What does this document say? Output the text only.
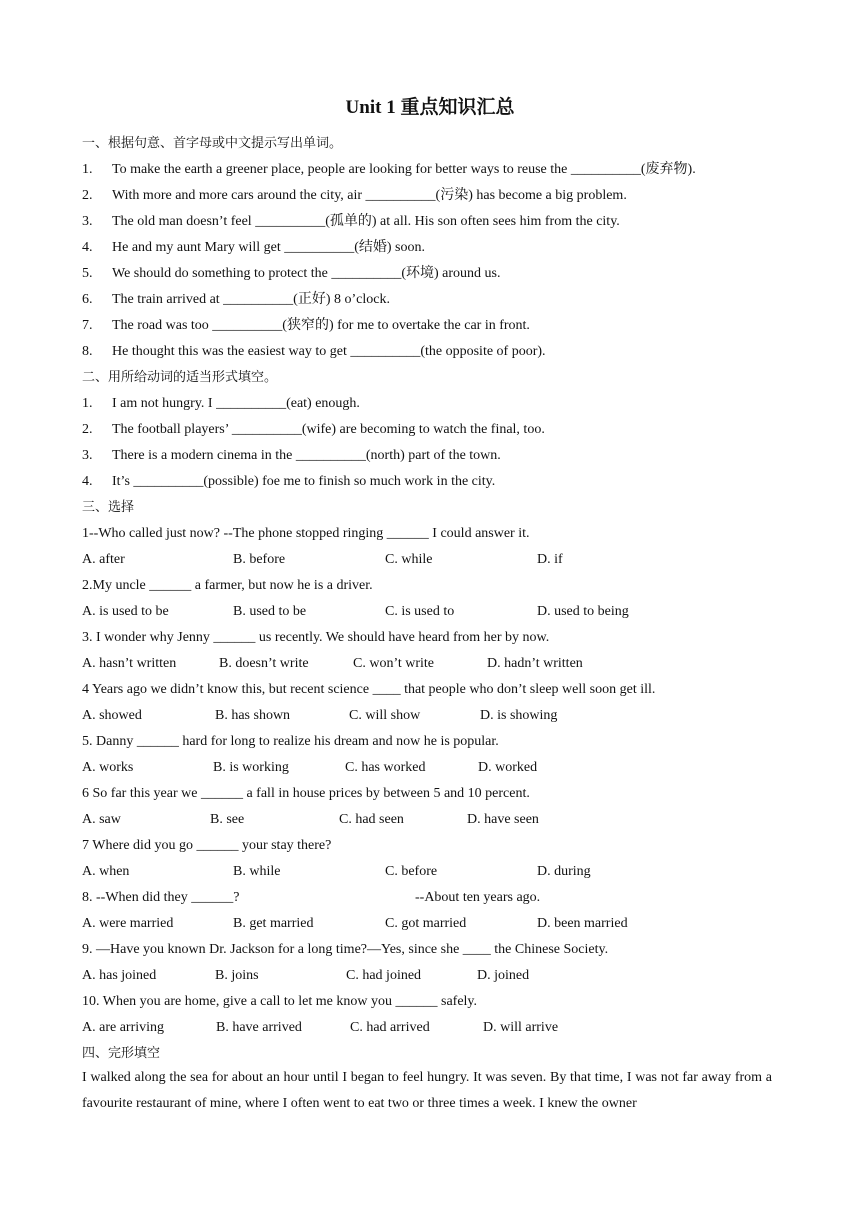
Unit 1 重点知识汇总
一、根据句意、首字母或中文提示写出单词。
1. To make the earth a greener place, people are looking for better ways to reuse the __________(废弃物).
2. With more and more cars around the city, air __________(污染) has become a big problem.
3. The old man doesn’t feel __________(孤单的) at all. His son often sees him from the city.
4. He and my aunt Mary will get __________(结婚) soon.
5. We should do something to protect the __________(环境) around us.
6. The train arrived at __________(正好) 8 o’clock.
7. The road was too __________(狭窄的) for me to overtake the car in front.
8. He thought this was the easiest way to get __________(the opposite of poor).
二、用所给动词的适当形式填空。
1. I am not hungry. I __________(eat) enough.
2. The football players’ __________(wife) are becoming to watch the final, too.
3. There is a modern cinema in the __________(north) part of the town.
4. It’s __________(possible) foe me to finish so much work in the city.
三、选择
1--Who called just now? --The phone stopped ringing ______ I could answer it.
A. after	B. before	C. while	D. if
2.My uncle ______ a farmer, but now he is a driver.
A. is used to be	B. used to be	C. is used to	D. used to being
3. I wonder why Jenny ______ us recently. We should have heard from her by now.
A. hasn’t written	B. doesn’t write	C. won’t write	D. hadn’t written
4 Years ago we didn’t know this, but recent science ____ that people who don’t sleep well soon get ill.
A. showed	B. has shown	C. will show	D. is showing
5. Danny ______ hard for long to realize his dream and now he is popular.
A. works	B. is working	C. has worked	D. worked
6 So far this year we ______ a fall in house prices by between 5 and 10 percent.
A. saw	B. see	C. had seen	D. have seen
7 Where did you go ______ your stay there?
A. when	B. while	C. before	D. during
8. --When did they ______?	--About ten years ago.
A. were married	B. get married	C. got married	D. been married
9. —Have you known Dr. Jackson for a long time?—Yes, since she ____ the Chinese Society.
A. has joined	B. joins	C. had joined	D. joined
10. When you are home, give a call to let me know you ______ safely.
A. are arriving	B. have arrived	C. had arrived	D. will arrive
四、完形填空
I walked along the sea for about an hour until I began to feel hungry. It was seven. By that time, I was not far away from a favourite restaurant of mine, where I often went to eat two or three times a week. I knew the owner
